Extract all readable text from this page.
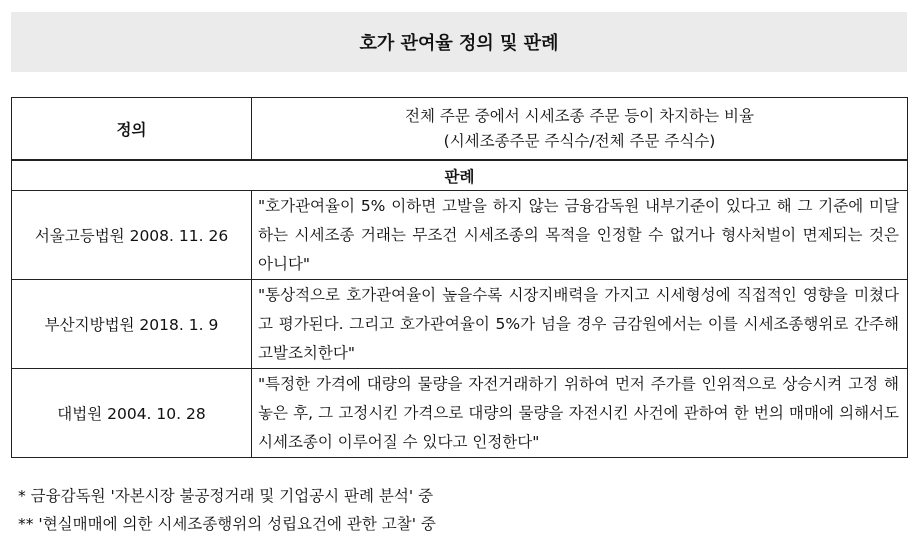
호가 관여율 정의 및 판례
정의	전체 주문 중에서 시세조종 주문 등이 차지하는 비율
(시세조종주문 주식수/전체 주문 주식수)

판례	
서울고등법원 2008. 11. 26	"호가관여율이 5% 이하면 고발을 하지 않는 금융감독원 내부기준이 있다고 해 그 기준에 미달하는 시세조종 거래는 무조건 시세조종의 목적을 인정할 수 없거나 형사처벌이 면제되는 것은 아니다"
부산지방법원 2018. 1. 9	"통상적으로 호가관여율이 높을수록 시장지배력을 가지고 시세형성에 직접적인 영향을 미쳤다고 평가된다. 그리고 호가관여율이 5%가 넘을 경우 금감원에서는 이를 시세조종행위로 간주해 고발조치한다"
대법원 2004. 10. 28	"특정한 가격에 대량의 물량을 자전거래하기 위하여 먼저 주가를 인위적으로 상승시켜 고정 해 놓은 후, 그 고정시킨 가격으로 대량의 물량을 자전시킨 사건에 관하여 한 번의 매매에 의해서도 시세조종이 이루어질 수 있다고 인정한다"
* 금융감독원 '자본시장 불공정거래 및 기업공시 판례 분석' 중
** '현실매매에 의한 시세조종행위의 성립요건에 관한 고찰' 중
